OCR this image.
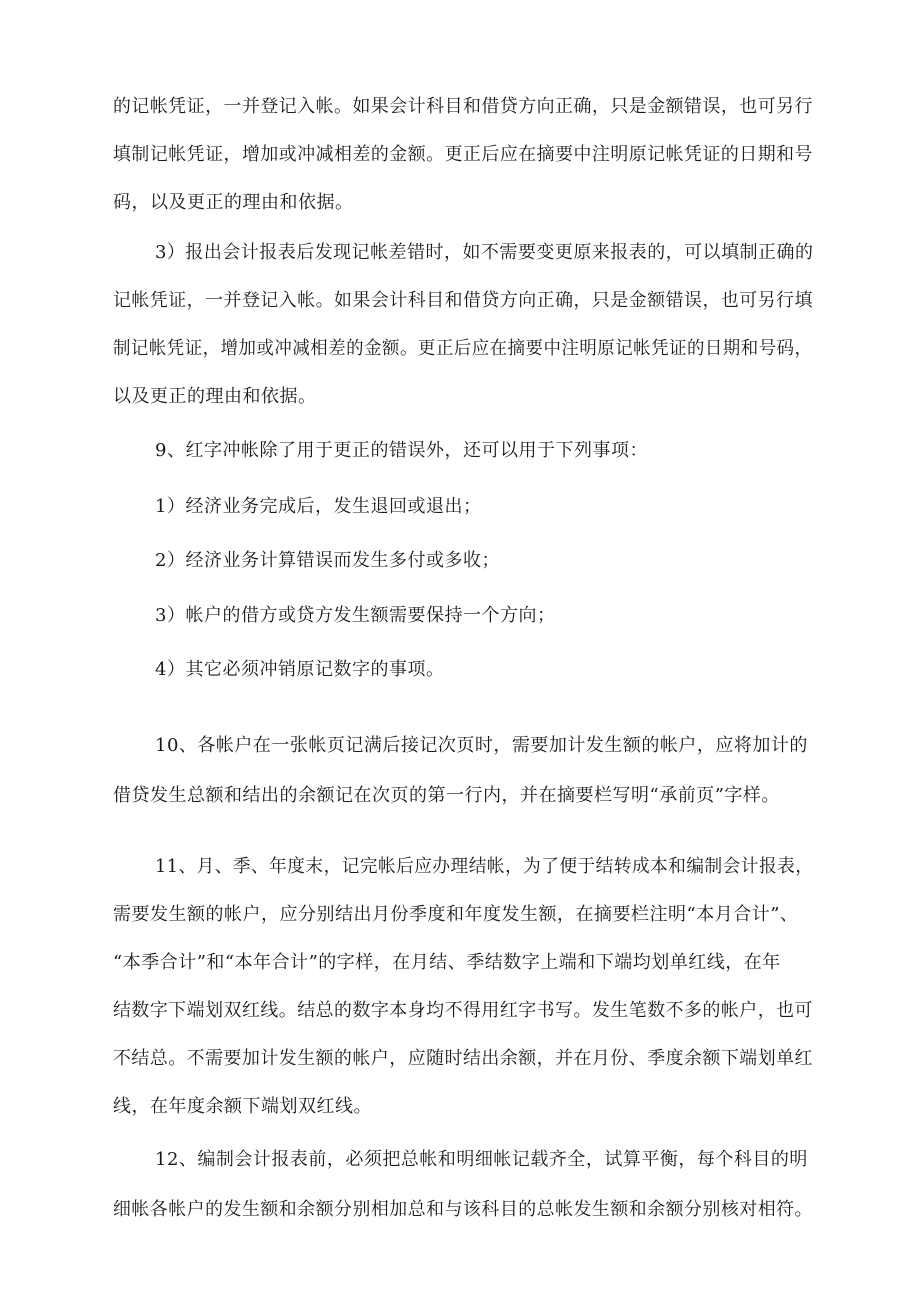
的记帐凭证，一并登记入帐。如果会计科目和借贷方向正确，只是金额错误，也可另行
填制记帐凭证，增加或冲减相差的金额。更正后应在摘要中注明原记帐凭证的日期和号
码，以及更正的理由和依据。
3）报出会计报表后发现记帐差错时，如不需要变更原来报表的，可以填制正确的
记帐凭证，一并登记入帐。如果会计科目和借贷方向正确，只是金额错误，也可另行填
制记帐凭证，增加或冲减相差的金额。更正后应在摘要中注明原记帐凭证的日期和号码，
以及更正的理由和依据。
9、红字冲帐除了用于更正的错误外，还可以用于下列事项：
1）经济业务完成后，发生退回或退出；
2）经济业务计算错误而发生多付或多收；
3）帐户的借方或贷方发生额需要保持一个方向；
4）其它必须冲销原记数字的事项。
10、各帐户在一张帐页记满后接记次页时，需要加计发生额的帐户，应将加计的
借贷发生总额和结出的余额记在次页的第一行内，并在摘要栏写明“承前页”字样。
11、月、季、年度末，记完帐后应办理结帐，为了便于结转成本和编制会计报表，
需要发生额的帐户，应分别结出月份季度和年度发生额，在摘要栏注明“本月合计”、
“本季合计”和“本年合计”的字样，在月结、季结数字上端和下端均划单红线，在年
结数字下端划双红线。结总的数字本身均不得用红字书写。发生笔数不多的帐户，也可
不结总。不需要加计发生额的帐户，应随时结出余额，并在月份、季度余额下端划单红
线，在年度余额下端划双红线。
12、编制会计报表前，必须把总帐和明细帐记载齐全，试算平衡，每个科目的明
细帐各帐户的发生额和余额分别相加总和与该科目的总帐发生额和余额分别核对相符。
